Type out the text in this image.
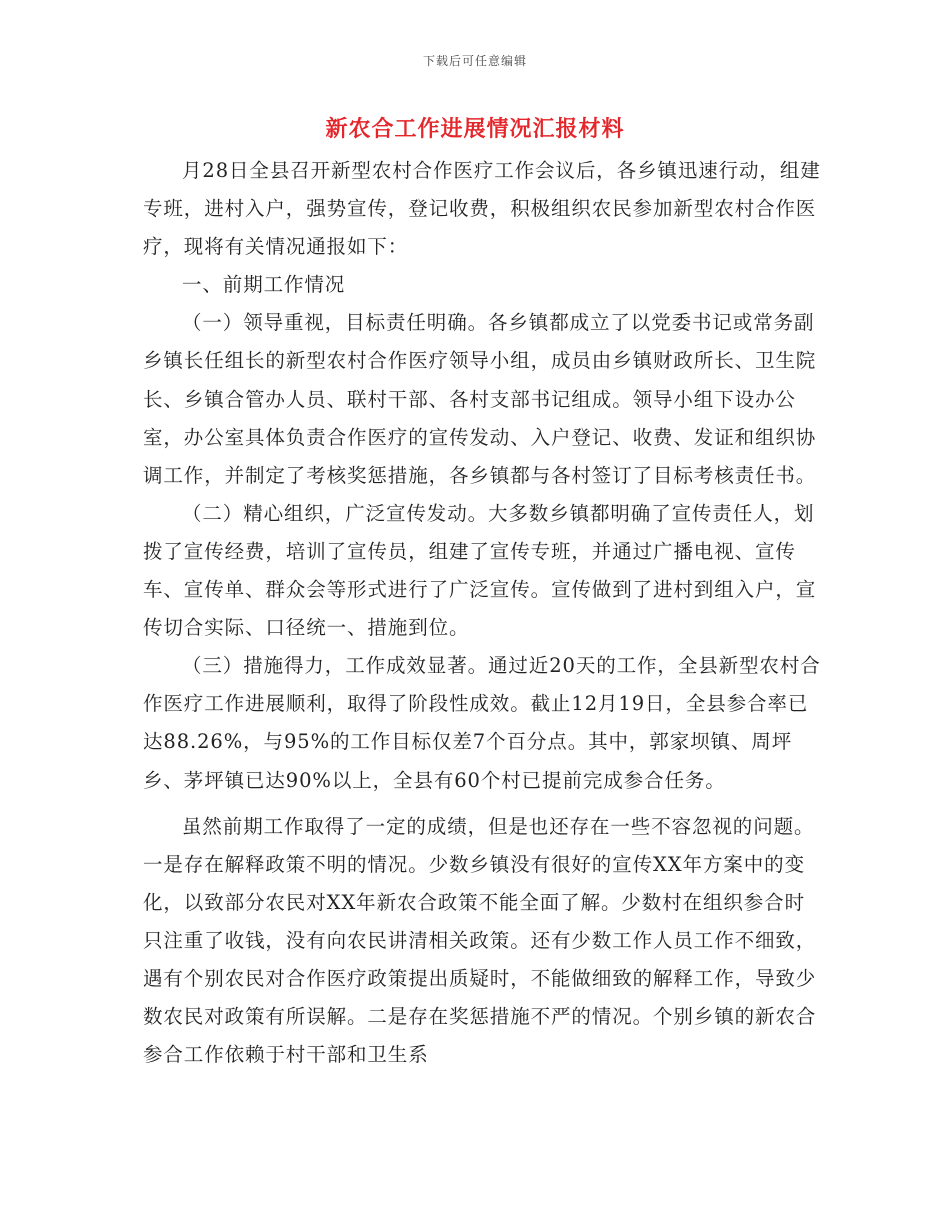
下载后可任意编辑
新农合工作进展情况汇报材料

月28日全县召开新型农村合作医疗工作会议后，各乡镇迅速行动，组建专班，进村入户，强势宣传，登记收费，积极组织农民参加新型农村合作医疗，现将有关情况通报如下：

一、前期工作情况

（一）领导重视，目标责任明确。各乡镇都成立了以党委书记或常务副乡镇长任组长的新型农村合作医疗领导小组，成员由乡镇财政所长、卫生院长、乡镇合管办人员、联村干部、各村支部书记组成。领导小组下设办公室，办公室具体负责合作医疗的宣传发动、入户登记、收费、发证和组织协调工作，并制定了考核奖惩措施，各乡镇都与各村签订了目标考核责任书。

（二）精心组织，广泛宣传发动。大多数乡镇都明确了宣传责任人，划拨了宣传经费，培训了宣传员，组建了宣传专班，并通过广播电视、宣传车、宣传单、群众会等形式进行了广泛宣传。宣传做到了进村到组入户，宣传切合实际、口径统一、措施到位。

（三）措施得力，工作成效显著。通过近20天的工作，全县新型农村合作医疗工作进展顺利，取得了阶段性成效。截止12月19日，全县参合率已达88.26%，与95%的工作目标仅差7个百分点。其中，郭家坝镇、周坪乡、茅坪镇已达90%以上，全县有60个村已提前完成参合任务。

虽然前期工作取得了一定的成绩，但是也还存在一些不容忽视的问题。一是存在解释政策不明的情况。少数乡镇没有很好的宣传XX年方案中的变化，以致部分农民对XX年新农合政策不能全面了解。少数村在组织参合时只注重了收钱，没有向农民讲清相关政策。还有少数工作人员工作不细致，遇有个别农民对合作医疗政策提出质疑时，不能做细致的解释工作，导致少数农民对政策有所误解。二是存在奖惩措施不严的情况。个别乡镇的新农合参合工作依赖于村干部和卫生系
